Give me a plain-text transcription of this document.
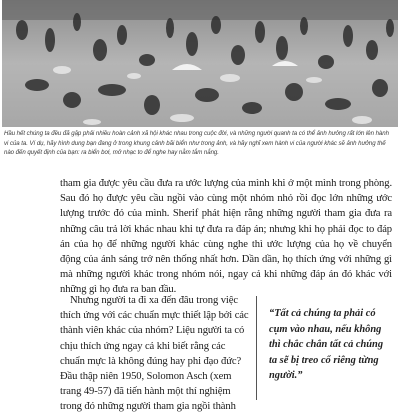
Hầu hết chúng ta đều đã gặp phải nhiều hoàn cảnh xã hội khác nhau trong cuộc đời, và những người quanh ta có thể ảnh hưởng rất lớn lên hành vi của ta. Ví dụ, hãy hình dung bạn đang ở trong khung cảnh bãi biển như trong ảnh, và hãy nghĩ xem hành vi của người khác sẽ ảnh hưởng thế nào đến quyết định của bạn: ra biển bơi, mở nhạc to để nghe hay nằm tắm nắng.

tham gia được yêu cầu đưa ra ước lượng của mình khi ở một mình trong phòng. Sau đó họ được yêu cầu ngồi vào cùng một nhóm nhỏ rồi đọc lớn những ước lượng trước đó của mình. Sherif phát hiện rằng những người tham gia đưa ra những câu trả lời khác nhau khi tự đưa ra đáp án; nhưng khi họ phải đọc to đáp án của họ để những người khác cùng nghe thì ước lượng của họ về chuyển động của ánh sáng trở nên thống nhất hơn. Dần dần, họ thích ứng với những gì mà những người khác trong nhóm nói, ngay cả khi những đáp án đó khác với những gì họ đưa ra ban đầu.

Nhưng người ta đi xa đến đâu trong việc thích ứng với các chuẩn mực thiết lập bởi các thành viên khác của nhóm? Liệu người ta có chịu thích ứng ngay cả khi biết rằng các chuẩn mực là không đúng hay phi đạo đức? Đầu thập niên 1950, Solomon Asch (xem trang 49-57) đã tiến hành một thí nghiệm trong đó những người tham gia ngồi thành

“Tất cả chúng ta phải có cụm vào nhau, nếu không thì chắc chắn tất cả chúng ta sẽ bị treo cổ riêng từng người.”
